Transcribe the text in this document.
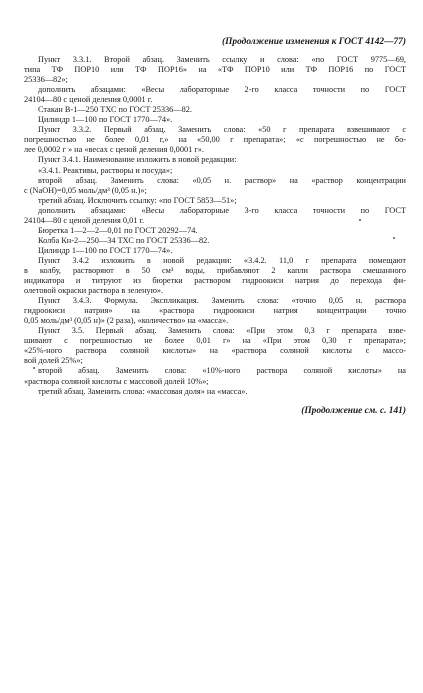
(Продолжение изменения к ГОСТ 4142—77)
Пункт 3.3.1. Второй абзац. Заменить ссылку и слова: «по ГОСТ 9775—69,
типа ТФ ПОР10 или ТФ ПОР16» на «ТФ ПОР10 или ТФ ПОР16 по ГОСТ
25336—82»;
дополнить абзацами: «Весы лабораторные 2-го класса точности по ГОСТ
24104—80 с ценой деления 0,0001 г.
Стакан В-1—250 ТХС по ГОСТ 25336—82.
Цилиндр 1—100 по ГОСТ 1770—74».
Пункт 3.3.2. Первый абзац. Заменить слова: «50 г препарата взвешивают с
погрешностью не более 0,01 г,» на «50,00 г препарата»; «с погрешностью не бо-
лее 0,0002 г » на «весах с ценой деления 0,0001 г».
Пункт 3.4.1. Наименование изложить в новой редакции:
«3.4.1. Реактивы, растворы и посуда»;
второй абзац. Заменить слова: «0,05 н. раствор» на «раствор концентрации
с (NaOH)=0,05 моль/дм³ (0,05 н.)»;
третий абзац. Исключить ссылку: «по ГОСТ 5853—51»;
дополнить абзацами: «Весы лабораторные 3-го класса точности по ГОСТ
24104—80 с ценой деления 0,01 г.
Бюретка 1—2—2—0,01 по ГОСТ 20292—74.
Колба Кн-2—250—34 ТХС по ГОСТ 25336—82.
Цилиндр 1—100 по ГОСТ 1770—74».
Пункт 3.4.2 изложить в новой редакции: «3.4.2. 11,0 г препарата помещают
в колбу, растворяют в 50 см³ воды, прибавляют 2 капли раствора смешанного
индикатора и титруют из бюретки раствором гидроокиси натрия до перехода фи-
олетовой окраски раствора в зеленую».
Пункт 3.4.3. Формула. Экспликация. Заменить слова: «точно 0,05 н. раствора
гидроокиси натрия» на «раствора гидроокиси натрия концентрации точно
0,05 моль/дм³ (0,05 н)» (2 раза), «количество» на «масса».
Пункт 3.5. Первый абзац. Заменить слова: «При этом 0,3 г препарата взве-
шивают с погрешностью не более 0,01 г» на «При этом 0,30 г препарата»;
«25%-ного раствора соляной кислоты» на «раствора соляной кислоты с массо-
вой долей 25%»;
второй абзац. Заменить слова: «10%-ного раствора соляной кислоты» на
«раствора соляной кислоты с массовой долей 10%»;
третий абзац. Заменить слова: «массовая доля» на «масса».
(Продолжение см. с. 141)
